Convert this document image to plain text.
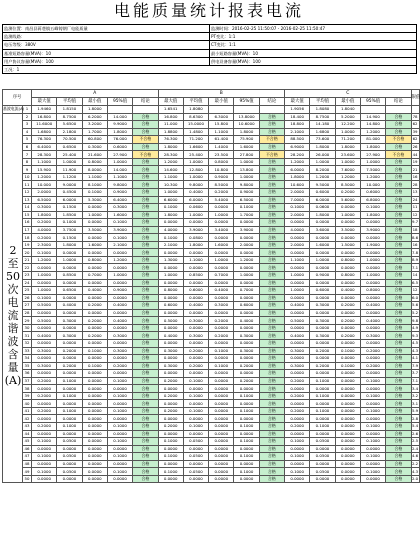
电能质量统计报表电流
监测位置：南昌县蒋巷镇五峰铸钢厂电能质量	监测时间：2016-02-25 11:50:07 - 2016-02-25 11:50:47
监测线路：	PT变比：1:1
电压等级：380V	CT变比：1:1
基准短路容量(MVA)：10	最小短路容量(MVA)：10
用户协议容量(MVA)：100	供电设备容量(MVA)：100
工况：1	
序号		A					B					C					限值
		最大值	平均值	最小值	95%值	结论	最大值	平均值	最小值	95%值	结论	最大值	平均值	最小值	95%值	结论	
基波电流(A)	1	1.9460	1.8150	1.8000			1.6541	1.8080				1.9056	1.8080	1.8040			
	2	16.800	8.7500	6.2000	14.000	合格	16.800	8.6300	6.3000	13.8000	合格	18.400	8.7500	5.2000	14.900	合格	78
	3	11.6000	5.6500	3.2000	9.9000	合格	11.000	15.0000	15.800	10.6000	合格	18.800	14.180	12.200	14.800	合格	62
	4	1.6800	2.1800	1.7000	1.8000	合格	1.8800	1.4800	1.1000	1.8000	合格	2.1000	1.6800	1.0000	1.2000	合格	39
	5	76.300	70.500	60.800	76.000	不合格	76.300	71.200	61.400	75.900	不合格	88.500	73.600	71.200	81.000	不合格	62
	6	6.4000	0.6500	0.3000	0.6000	合格	1.8000	1.6600	1.4000	1.6000	合格	6.9000	1.8000	1.8000	1.8000	合格	26
	7	28.300	25.400	21.600	27.900	不合格	28.300	25.400	23.500	27.800	不合格	28.200	26.000	23.600	27.900	不合格	44
	8	1.1000	1.0000	0.8000	1.0000	合格	1.2000	1.0000	0.8000	1.0000	合格	1.2000	1.0000	1.0000	1.0000	合格	19
	9	15.900	11.900	8.0000	14.000	合格	14.600	12.800	10.800	13.800	合格	6.0000	8.2000	7.6000	7.5000	合格	21
	10	1.2000	1.1200	1.1000	1.1000	合格	1.1000	1.0000	0.9000	1.0000	合格	1.8000	1.2000	1.2000	1.2000	合格	16
	11	10.000	9.0000	8.1000	9.8000	合格	10.300	9.8000	8.5000	9.8000	合格	10.600	9.5000	8.5000	10.000	合格	28
	12	2.0000	0.4500	0.1000	0.9000	合格	1.0000	0.4000	0.2000	0.9000	合格	2.0000	0.6000	0.2000	0.6000	合格	13
	13	6.5000	6.0000	5.3000	6.4000	合格	6.6000	6.0000	5.4000	6.5000	合格	7.0000	6.0000	5.6000	6.8000	合格	24
	14	0.3000	0.1500	0.0000	0.3000	合格	0.1000	0.0600	0.0000	0.1000	合格	0.1000	0.0600	0.0000	0.1000	合格	11
	15	1.8000	1.8500	1.0000	1.6000	合格	1.8000	1.0000	1.0000	1.7000	合格	2.0000	1.8000	1.0000	1.8000	合格	12
	16	0.2000	0.1000	0.0000	0.1000	合格	0.0000	0.0000	0.0000	0.0000	合格	0.0000	0.0000	0.0000	0.0000	合格	9.7
	17	4.0000	3.7500	3.5000	3.9000	合格	4.0000	3.9000	3.4000	3.9000	合格	4.0000	3.6000	3.5000	3.9000	合格	18
	18	0.2000	0.1500	0.0000	0.1000	合格	0.1000	0.0800	0.0000	0.0000	合格	0.0000	0.0000	0.0000	0.0000	合格	8.6
	19	2.3000	1.8000	1.6000	2.1000	合格	2.1000	1.8000	1.6000	2.0000	合格	2.0000	1.6000	1.5000	1.9000	合格	16
	20	0.1000	0.0000	0.0000	0.0000	合格	0.0000	0.0000	0.0000	0.0000	合格	0.0000	0.0000	0.0000	0.0000	合格	7.8
	21	1.2000	1.0000	0.8000	1.2000	合格	1.3000	1.1000	1.0000	1.2000	合格	1.1000	1.0000	0.8000	1.0000	合格	8.9
	22	0.0000	0.0000	0.0000	0.0000	合格	0.0000	0.0000	0.0000	0.0000	合格	0.0000	0.0000	0.0000	0.0000	合格	7.1
	23	1.0000	0.8500	0.7000	1.0000	合格	1.0000	0.8500	0.7000	1.0000	合格	1.0000	0.9000	0.8000	1.0000	合格	14
	24	0.0000	0.0000	0.0000	0.0000	合格	0.0000	0.0000	0.0000	0.0000	合格	0.0000	0.0000	0.0000	0.0000	合格	6.5
	25	1.0000	0.6500	0.4000	0.9000	合格	0.8000	0.6000	0.4000	0.7000	合格	1.0000	0.6000	0.4000	0.8000	合格	12
	26	0.1000	0.0000	0.0000	0.0000	合格	0.0000	0.0000	0.0000	0.0000	合格	0.0000	0.0000	0.0000	0.0000	合格	6.0
	27	0.5000	0.4000	0.2000	0.4000	合格	0.6000	0.4000	0.3000	0.6000	合格	0.4000	0.3000	0.2000	0.4000	合格	5.6
	28	0.0000	0.0000	0.0000	0.0000	合格	0.0000	0.0000	0.0000	0.0000	合格	0.0000	0.0000	0.0000	0.0000	合格	5.2
	29	0.5000	0.3000	0.2000	0.4000	合格	0.5000	0.3000	0.2000	0.4000	合格	0.5000	0.3000	0.2000	0.4000	合格	9.8
	30	0.0000	0.0000	0.0000	0.0000	合格	0.0000	0.0000	0.0000	0.0000	合格	0.0000	0.0000	0.0000	0.0000	合格	4.9
	31	0.4000	0.3000	0.2000	0.3000	合格	0.4000	0.3000	0.2000	0.3000	合格	0.4000	0.3000	0.2000	0.3000	合格	9.3
	32	0.0000	0.0000	0.0000	0.0000	合格	0.0000	0.0000	0.0000	0.0000	合格	0.0000	0.0000	0.0000	0.0000	合格	4.5
	33	0.3000	0.2000	0.1000	0.3000	合格	0.3000	0.2000	0.1000	0.3000	合格	0.3000	0.2000	0.1000	0.2000	合格	4.3
	34	0.0000	0.0000	0.0000	0.0000	合格	0.0000	0.0000	0.0000	0.0000	合格	0.0000	0.0000	0.0000	0.0000	合格	4.1
	35	0.3000	0.2000	0.1000	0.2000	合格	0.3000	0.2000	0.1000	0.2000	合格	0.3000	0.2000	0.1000	0.2000	合格	7.9
	36	0.0000	0.0000	0.0000	0.0000	合格	0.0000	0.0000	0.0000	0.0000	合格	0.0000	0.0000	0.0000	0.0000	合格	3.7
	37	0.2000	0.1000	0.0000	0.1000	合格	0.2000	0.1000	0.0000	0.2000	合格	0.2000	0.1000	0.0000	0.1000	合格	7.1
	38	0.0000	0.0000	0.0000	0.0000	合格	0.0000	0.0000	0.0000	0.0000	合格	0.0000	0.0000	0.0000	0.0000	合格	3.4
	39	0.2000	0.1000	0.0000	0.1000	合格	0.2000	0.1000	0.0000	0.1000	合格	0.2000	0.1000	0.0000	0.1000	合格	3.2
	40	0.0000	0.0000	0.0000	0.0000	合格	0.0000	0.0000	0.0000	0.0000	合格	0.0000	0.0000	0.0000	0.0000	合格	3.1
	41	0.2000	0.1000	0.0000	0.1000	合格	0.2000	0.1000	0.0000	0.1000	合格	0.2000	0.1000	0.0000	0.1000	合格	5.9
	42	0.0000	0.0000	0.0000	0.0000	合格	0.0000	0.0000	0.0000	0.0000	合格	0.0000	0.0000	0.0000	0.0000	合格	2.8
	43	0.2000	0.1000	0.0000	0.1000	合格	0.2000	0.1000	0.0000	0.1000	合格	0.2000	0.1000	0.0000	0.1000	合格	5.4
	44	0.0000	0.0000	0.0000	0.0000	合格	0.0000	0.0000	0.0000	0.0000	合格	0.0000	0.0000	0.0000	0.0000	合格	2.6
	45	0.1000	0.0500	0.0000	0.1000	合格	0.1000	0.0500	0.0000	0.1000	合格	0.1000	0.0500	0.0000	0.1000	合格	2.5
	46	0.0000	0.0000	0.0000	0.0000	合格	0.0000	0.0000	0.0000	0.0000	合格	0.0000	0.0000	0.0000	0.0000	合格	2.4
	47	0.1000	0.0500	0.0000	0.1000	合格	0.1000	0.0500	0.0000	0.1000	合格	0.1000	0.0500	0.0000	0.1000	合格	4.6
	48	0.0000	0.0000	0.0000	0.0000	合格	0.0000	0.0000	0.0000	0.0000	合格	0.0000	0.0000	0.0000	0.0000	合格	2.2
	49	0.1000	0.0500	0.0000	0.1000	合格	0.1000	0.0500	0.0000	0.1000	合格	0.1000	0.0500	0.0000	0.1000	合格	4.3
	50	0.0000	0.0000	0.0000	0.0000	合格	0.0000	0.0000	0.0000	0.0000	合格	0.0000	0.0000	0.0000	0.0000	合格	2.0
2
至
50
次
电
流
谐
波
含
量
(A)
